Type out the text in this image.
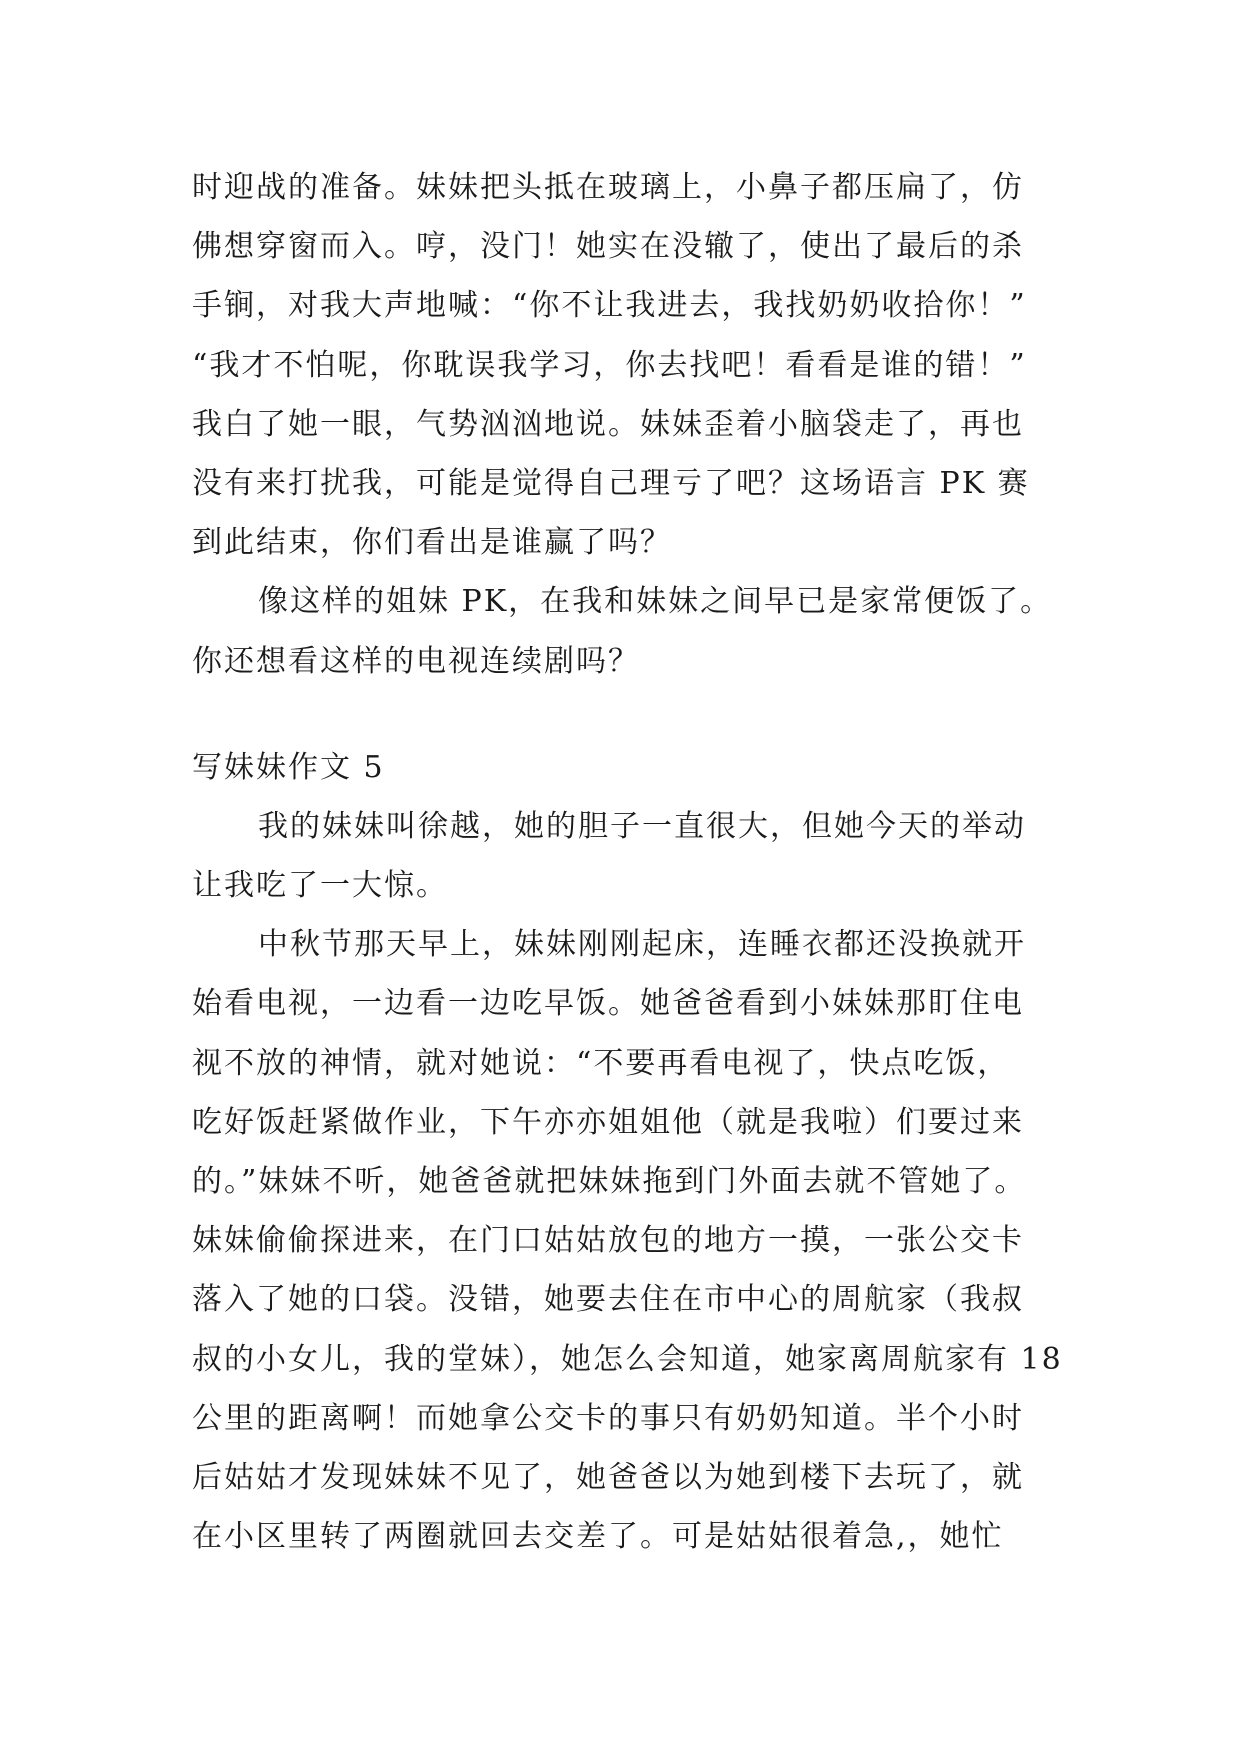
时迎战的准备。妹妹把头抵在玻璃上，小鼻子都压扁了，仿
佛想穿窗而入。哼，没门！她实在没辙了，使出了最后的杀
手锏，对我大声地喊：“你不让我进去，我找奶奶收拾你！”
“我才不怕呢，你耽误我学习，你去找吧！看看是谁的错！”
我白了她一眼，气势汹汹地说。妹妹歪着小脑袋走了，再也
没有来打扰我，可能是觉得自己理亏了吧？这场语言 PK 赛
到此结束，你们看出是谁赢了吗？
像这样的姐妹 PK，在我和妹妹之间早已是家常便饭了。
你还想看这样的电视连续剧吗？
写妹妹作文 5
我的妹妹叫徐越，她的胆子一直很大，但她今天的举动
让我吃了一大惊。
中秋节那天早上，妹妹刚刚起床，连睡衣都还没换就开
始看电视，一边看一边吃早饭。她爸爸看到小妹妹那盯住电
视不放的神情，就对她说：“不要再看电视了，快点吃饭，
吃好饭赶紧做作业，下午亦亦姐姐他（就是我啦）们要过来
的。”妹妹不听，她爸爸就把妹妹拖到门外面去就不管她了。
妹妹偷偷探进来，在门口姑姑放包的地方一摸，一张公交卡
落入了她的口袋。没错，她要去住在市中心的周航家（我叔
叔的小女儿，我的堂妹），她怎么会知道，她家离周航家有 18
公里的距离啊！而她拿公交卡的事只有奶奶知道。半个小时
后姑姑才发现妹妹不见了，她爸爸以为她到楼下去玩了，就
在小区里转了两圈就回去交差了。可是姑姑很着急,，她忙
